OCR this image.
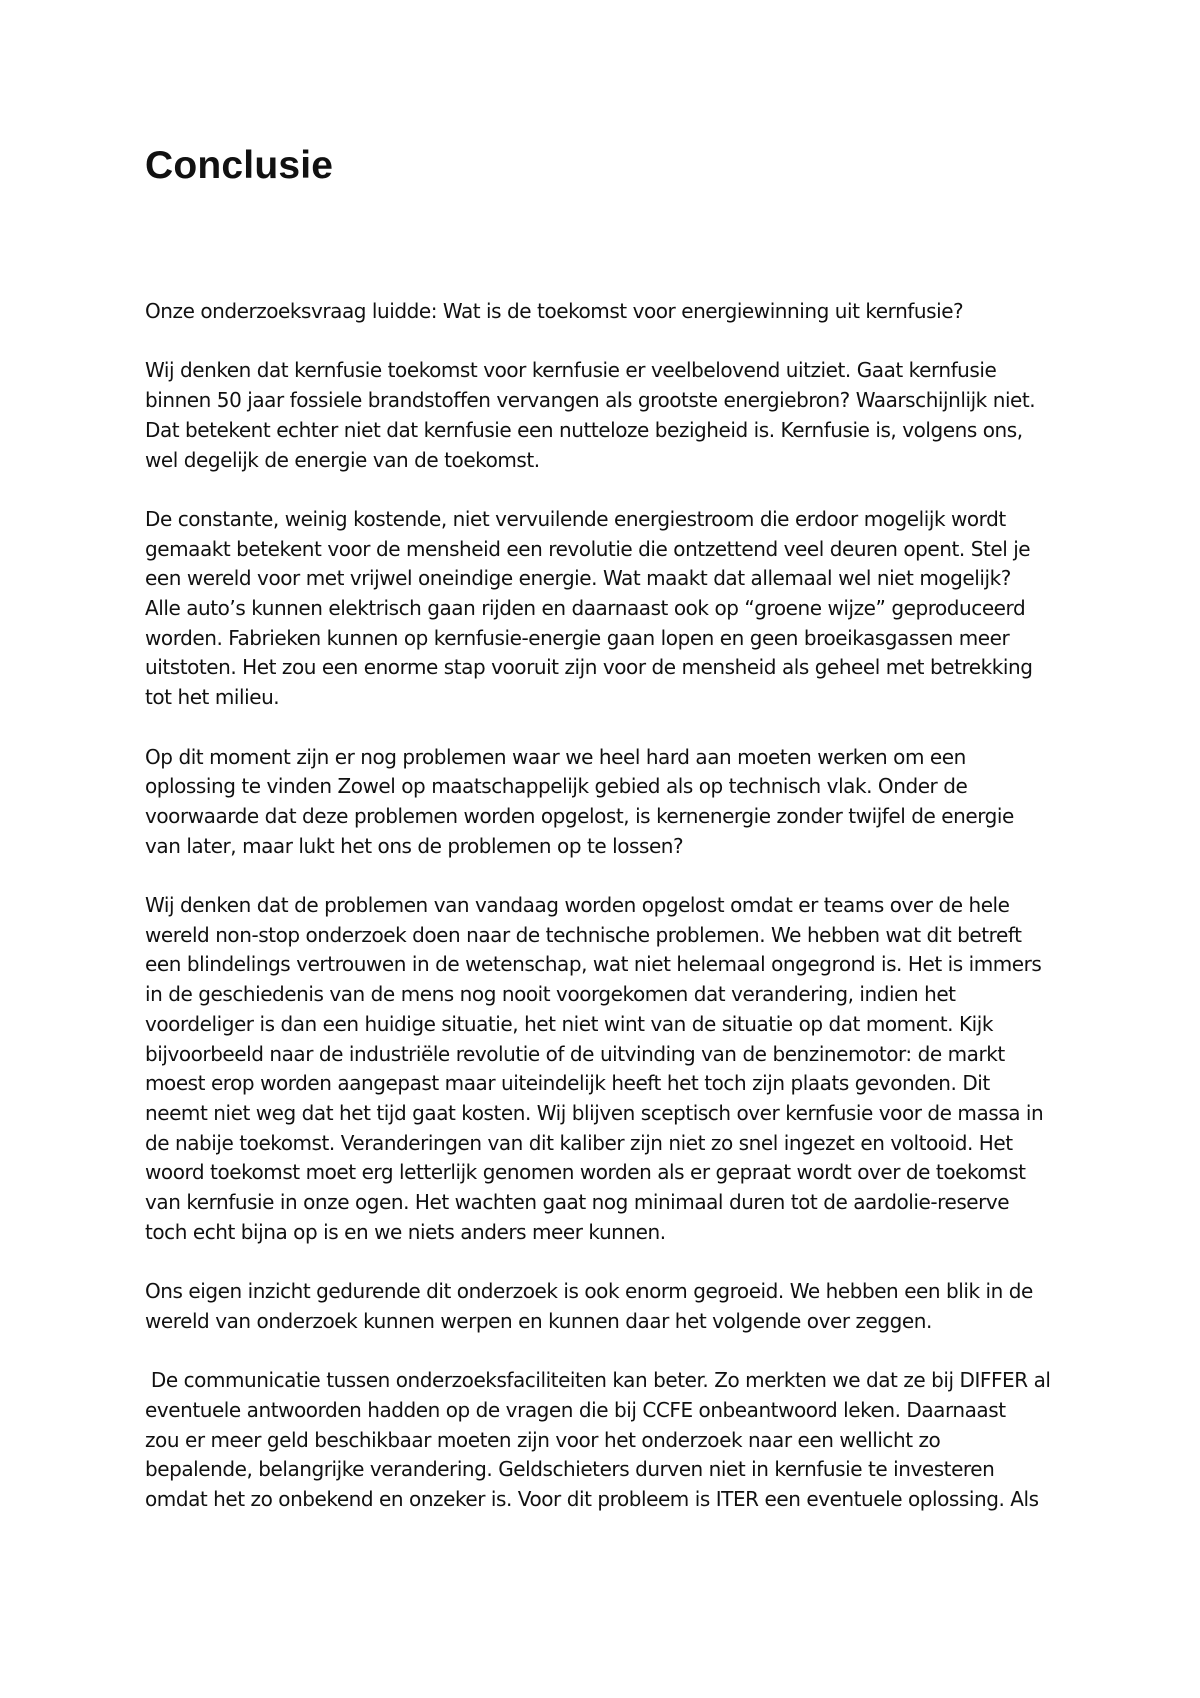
Conclusie

Onze onderzoeksvraag luidde: Wat is de toekomst voor energiewinning uit kernfusie?

Wij denken dat kernfusie toekomst voor kernfusie er veelbelovend uitziet. Gaat kernfusie
binnen 50 jaar fossiele brandstoffen vervangen als grootste energiebron? Waarschijnlijk niet.
Dat betekent echter niet dat kernfusie een nutteloze bezigheid is. Kernfusie is, volgens ons,
wel degelijk de energie van de toekomst.

De constante, weinig kostende, niet vervuilende energiestroom die erdoor mogelijk wordt
gemaakt betekent voor de mensheid een revolutie die ontzettend veel deuren opent. Stel je
een wereld voor met vrijwel oneindige energie. Wat maakt dat allemaal wel niet mogelijk?
Alle auto’s kunnen elektrisch gaan rijden en daarnaast ook op “groene wijze” geproduceerd
worden. Fabrieken kunnen op kernfusie-energie gaan lopen en geen broeikasgassen meer
uitstoten. Het zou een enorme stap vooruit zijn voor de mensheid als geheel met betrekking
tot het milieu.

Op dit moment zijn er nog problemen waar we heel hard aan moeten werken om een
oplossing te vinden Zowel op maatschappelijk gebied als op technisch vlak. Onder de
voorwaarde dat deze problemen worden opgelost, is kernenergie zonder twijfel de energie
van later, maar lukt het ons de problemen op te lossen?

Wij denken dat de problemen van vandaag worden opgelost omdat er teams over de hele
wereld non-stop onderzoek doen naar de technische problemen. We hebben wat dit betreft
een blindelings vertrouwen in de wetenschap, wat niet helemaal ongegrond is. Het is immers
in de geschiedenis van de mens nog nooit voorgekomen dat verandering, indien het
voordeliger is dan een huidige situatie, het niet wint van de situatie op dat moment. Kijk
bijvoorbeeld naar de industriële revolutie of de uitvinding van de benzinemotor: de markt
moest erop worden aangepast maar uiteindelijk heeft het toch zijn plaats gevonden. Dit
neemt niet weg dat het tijd gaat kosten. Wij blijven sceptisch over kernfusie voor de massa in
de nabije toekomst. Veranderingen van dit kaliber zijn niet zo snel ingezet en voltooid. Het
woord toekomst moet erg letterlijk genomen worden als er gepraat wordt over de toekomst
van kernfusie in onze ogen. Het wachten gaat nog minimaal duren tot de aardolie-reserve
toch echt bijna op is en we niets anders meer kunnen.

Ons eigen inzicht gedurende dit onderzoek is ook enorm gegroeid. We hebben een blik in de
wereld van onderzoek kunnen werpen en kunnen daar het volgende over zeggen.

De communicatie tussen onderzoeksfaciliteiten kan beter. Zo merkten we dat ze bij DIFFER al
eventuele antwoorden hadden op de vragen die bij CCFE onbeantwoord leken. Daarnaast
zou er meer geld beschikbaar moeten zijn voor het onderzoek naar een wellicht zo
bepalende, belangrijke verandering. Geldschieters durven niet in kernfusie te investeren
omdat het zo onbekend en onzeker is. Voor dit probleem is ITER een eventuele oplossing. Als
